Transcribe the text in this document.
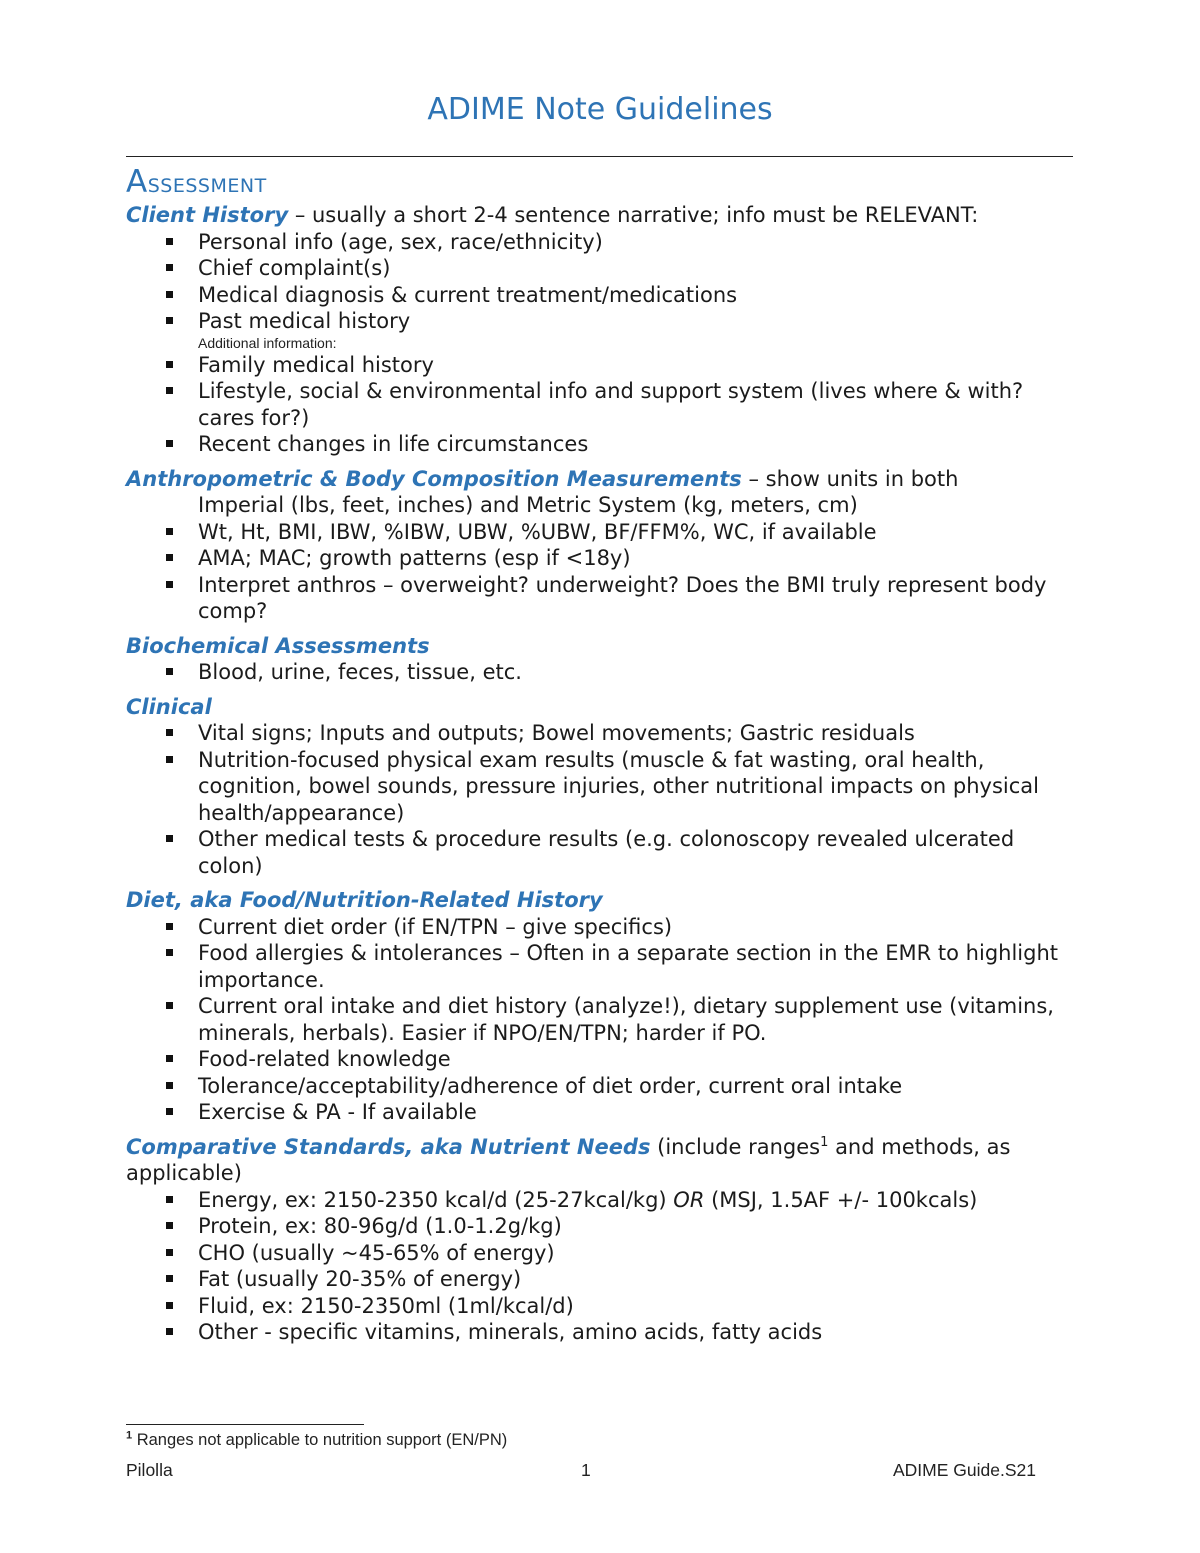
ADIME Note Guidelines
Assessment
Client History – usually a short 2-4 sentence narrative; info must be RELEVANT:
Personal info (age, sex, race/ethnicity)
Chief complaint(s)
Medical diagnosis & current treatment/medications
Past medical history
Additional information:
Family medical history
Lifestyle, social & environmental info and support system (lives where & with? cares for?)
Recent changes in life circumstances
Anthropometric & Body Composition Measurements – show units in both
Imperial (lbs, feet, inches) and Metric System (kg, meters, cm)
Wt, Ht, BMI, IBW, %IBW, UBW, %UBW, BF/FFM%, WC, if available
AMA; MAC; growth patterns (esp if <18y)
Interpret anthros – overweight? underweight? Does the BMI truly represent body comp?
Biochemical Assessments
Blood, urine, feces, tissue, etc.
Clinical
Vital signs; Inputs and outputs; Bowel movements; Gastric residuals
Nutrition-focused physical exam results (muscle & fat wasting, oral health, cognition, bowel sounds, pressure injuries, other nutritional impacts on physical health/appearance)
Other medical tests & procedure results (e.g. colonoscopy revealed ulcerated colon)
Diet, aka Food/Nutrition-Related History
Current diet order (if EN/TPN – give specifics)
Food allergies & intolerances – Often in a separate section in the EMR to highlight importance.
Current oral intake and diet history (analyze!), dietary supplement use (vitamins, minerals, herbals). Easier if NPO/EN/TPN; harder if PO.
Food-related knowledge
Tolerance/acceptability/adherence of diet order, current oral intake
Exercise & PA - If available
Comparative Standards, aka Nutrient Needs (include ranges$^1$ and methods, as applicable)
Energy, ex: 2150-2350 kcal/d (25-27kcal/kg) OR (MSJ, 1.5AF +/- 100kcals)
Protein, ex: 80-96g/d (1.0-1.2g/kg)
CHO (usually ~45-65% of energy)
Fat (usually 20-35% of energy)
Fluid, ex: 2150-2350ml (1ml/kcal/d)
Other - specific vitamins, minerals, amino acids, fatty acids
$^1$ Ranges not applicable to nutrition support (EN/PN)
Pilolla	1	ADIME Guide.S21
